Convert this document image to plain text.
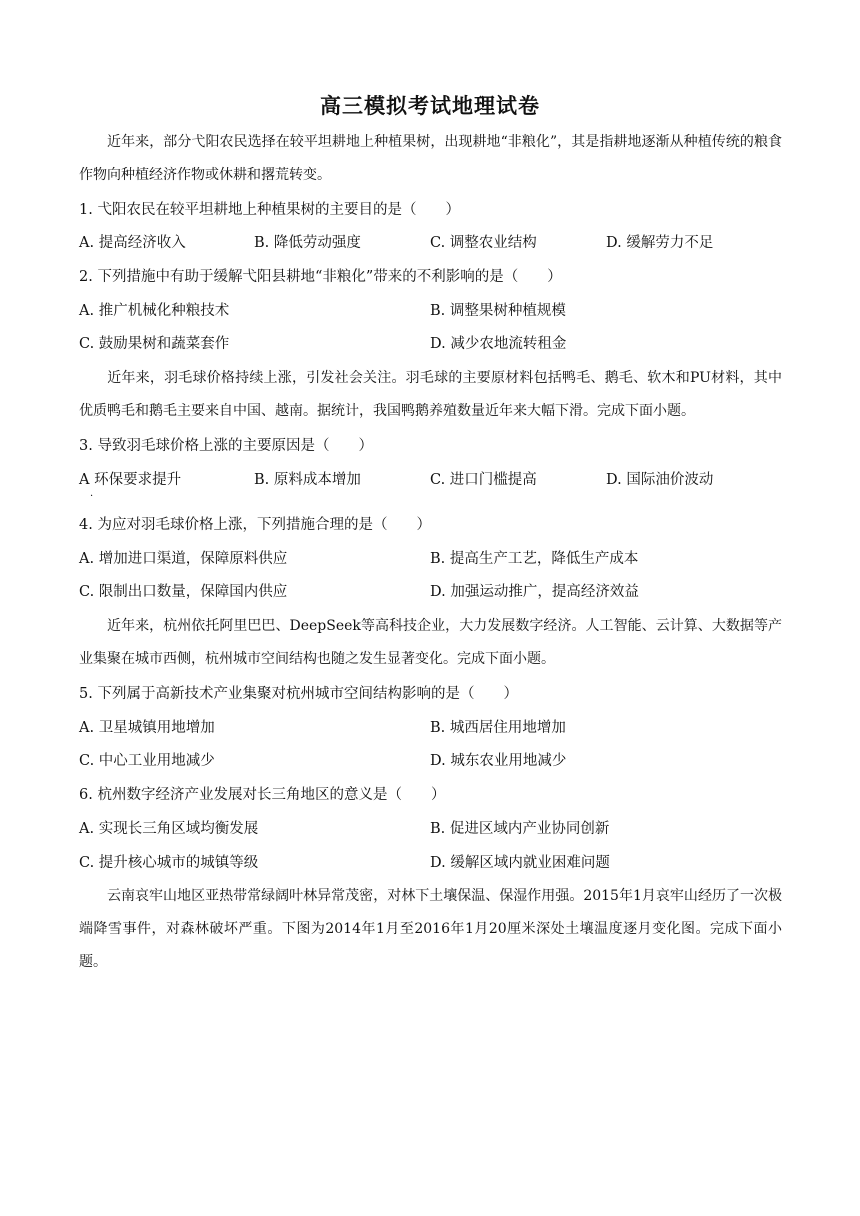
高三模拟考试地理试卷
近年来，部分弋阳农民选择在较平坦耕地上种植果树，出现耕地“非粮化”，其是指耕地逐渐从种植传统的粮食作物向种植经济作物或休耕和撂荒转变。
1. 弋阳农民在较平坦耕地上种植果树的主要目的是（　　）
A. 提高经济收入	B. 降低劳动强度	C. 调整农业结构	D. 缓解劳力不足
2. 下列措施中有助于缓解弋阳县耕地“非粮化”带来的不利影响的是（　　）
A. 推广机械化种粮技术	B. 调整果树种植规模
C. 鼓励果树和蔬菜套作	D. 减少农地流转租金
近年来，羽毛球价格持续上涨，引发社会关注。羽毛球的主要原材料包括鸭毛、鹅毛、软木和PU材料，其中优质鸭毛和鹅毛主要来自中国、越南。据统计，我国鸭鹅养殖数量近年来大幅下滑。完成下面小题。
3. 导致羽毛球价格上涨的主要原因是（　　）
A 环保要求提升
·
B. 原料成本增加	C. 进口门槛提高	D. 国际油价波动
4. 为应对羽毛球价格上涨，下列措施合理的是（　　）
A. 增加进口渠道，保障原料供应	B. 提高生产工艺，降低生产成本
C. 限制出口数量，保障国内供应	D. 加强运动推广，提高经济效益
近年来，杭州依托阿里巴巴、DeepSeek等高科技企业，大力发展数字经济。人工智能、云计算、大数据等产业集聚在城市西侧，杭州城市空间结构也随之发生显著变化。完成下面小题。
5. 下列属于高新技术产业集聚对杭州城市空间结构影响的是（　　）
A. 卫星城镇用地增加	B. 城西居住用地增加
C. 中心工业用地减少	D. 城东农业用地减少
6. 杭州数字经济产业发展对长三角地区的意义是（　　）
A. 实现长三角区域均衡发展	B. 促进区域内产业协同创新
C. 提升核心城市的城镇等级	D. 缓解区域内就业困难问题
云南哀牢山地区亚热带常绿阔叶林异常茂密，对林下土壤保温、保湿作用强。2015年1月哀牢山经历了一次极端降雪事件，对森林破坏严重。下图为2014年1月至2016年1月20厘米深处土壤温度逐月变化图。完成下面小题。
